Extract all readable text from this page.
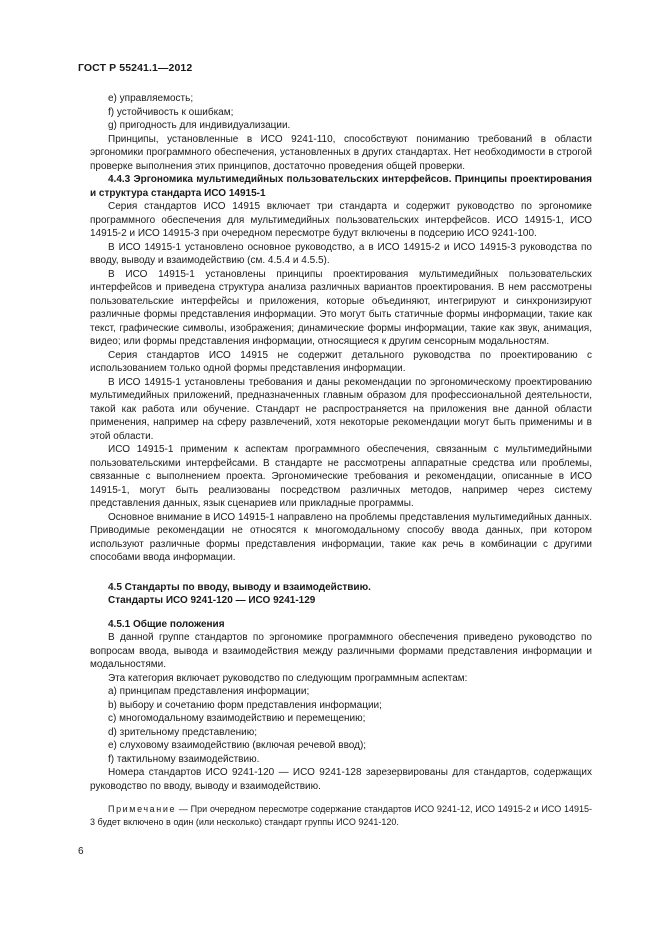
ГОСТ Р 55241.1—2012

е) управляемость;

f) устойчивость к ошибкам;

g) пригодность для индивидуализации.

Принципы, установленные в ИСО 9241-110, способствуют пониманию требований в области эргономики программного обеспечения, установленных в других стандартах. Нет необходимости в строгой проверке выполнения этих принципов, достаточно проведения общей проверки.

4.4.3 Эргономика мультимедийных пользовательских интерфейсов. Принципы проектирования и структура стандарта ИСО 14915-1

Серия стандартов ИСО 14915 включает три стандарта и содержит руководство по эргономике программного обеспечения для мультимедийных пользовательских интерфейсов. ИСО 14915-1, ИСО 14915-2 и ИСО 14915-3 при очередном пересмотре будут включены в подсерию ИСО 9241-100.

В ИСО 14915-1 установлено основное руководство, а в ИСО 14915-2 и ИСО 14915-3 руководства по вводу, выводу и взаимодействию (см. 4.5.4 и 4.5.5).

В ИСО 14915-1 установлены принципы проектирования мультимедийных пользовательских интерфейсов и приведена структура анализа различных вариантов проектирования. В нем рассмотрены пользовательские интерфейсы и приложения, которые объединяют, интегрируют и синхронизируют различные формы представления информации. Это могут быть статичные формы информации, такие как текст, графические символы, изображения; динамические формы информации, такие как звук, анимация, видео; или формы представления информации, относящиеся к другим сенсорным модальностям.

Серия стандартов ИСО 14915 не содержит детального руководства по проектированию с использованием только одной формы представления информации.

В ИСО 14915-1 установлены требования и даны рекомендации по эргономическому проектированию мультимедийных приложений, предназначенных главным образом для профессиональной деятельности, такой как работа или обучение. Стандарт не распространяется на приложения вне данной области применения, например на сферу развлечений, хотя некоторые рекомендации могут быть применимы и в этой области.

ИСО 14915-1 применим к аспектам программного обеспечения, связанным с мультимедийными пользовательскими интерфейсами. В стандарте не рассмотрены аппаратные средства или проблемы, связанные с выполнением проекта. Эргономические требования и рекомендации, описанные в ИСО 14915-1, могут быть реализованы посредством различных методов, например через систему представления данных, язык сценариев или прикладные программы.

Основное внимание в ИСО 14915-1 направлено на проблемы представления мультимедийных данных. Приводимые рекомендации не относятся к многомодальному способу ввода данных, при котором используют различные формы представления информации, такие как речь в комбинации с другими способами ввода информации.

4.5 Стандарты по вводу, выводу и взаимодействию.
Стандарты ИСО 9241-120 — ИСО 9241-129
4.5.1 Общие положения

В данной группе стандартов по эргономике программного обеспечения приведено руководство по вопросам ввода, вывода и взаимодействия между различными формами представления информации и модальностями.

Эта категория включает руководство по следующим программным аспектам:

а) принципам представления информации;

b) выбору и сочетанию форм представления информации;

c) многомодальному взаимодействию и перемещению;

d) зрительному представлению;

e) слуховому взаимодействию (включая речевой ввод);

f) тактильному взаимодействию.

Номера стандартов ИСО 9241-120 — ИСО 9241-128 зарезервированы для стандартов, содержащих руководство по вводу, выводу и взаимодействию.

Примечание — При очередном пересмотре содержание стандартов ИСО 9241-12, ИСО 14915-2 и ИСО 14915-3 будет включено в один (или несколько) стандарт группы ИСО 9241-120.
6
